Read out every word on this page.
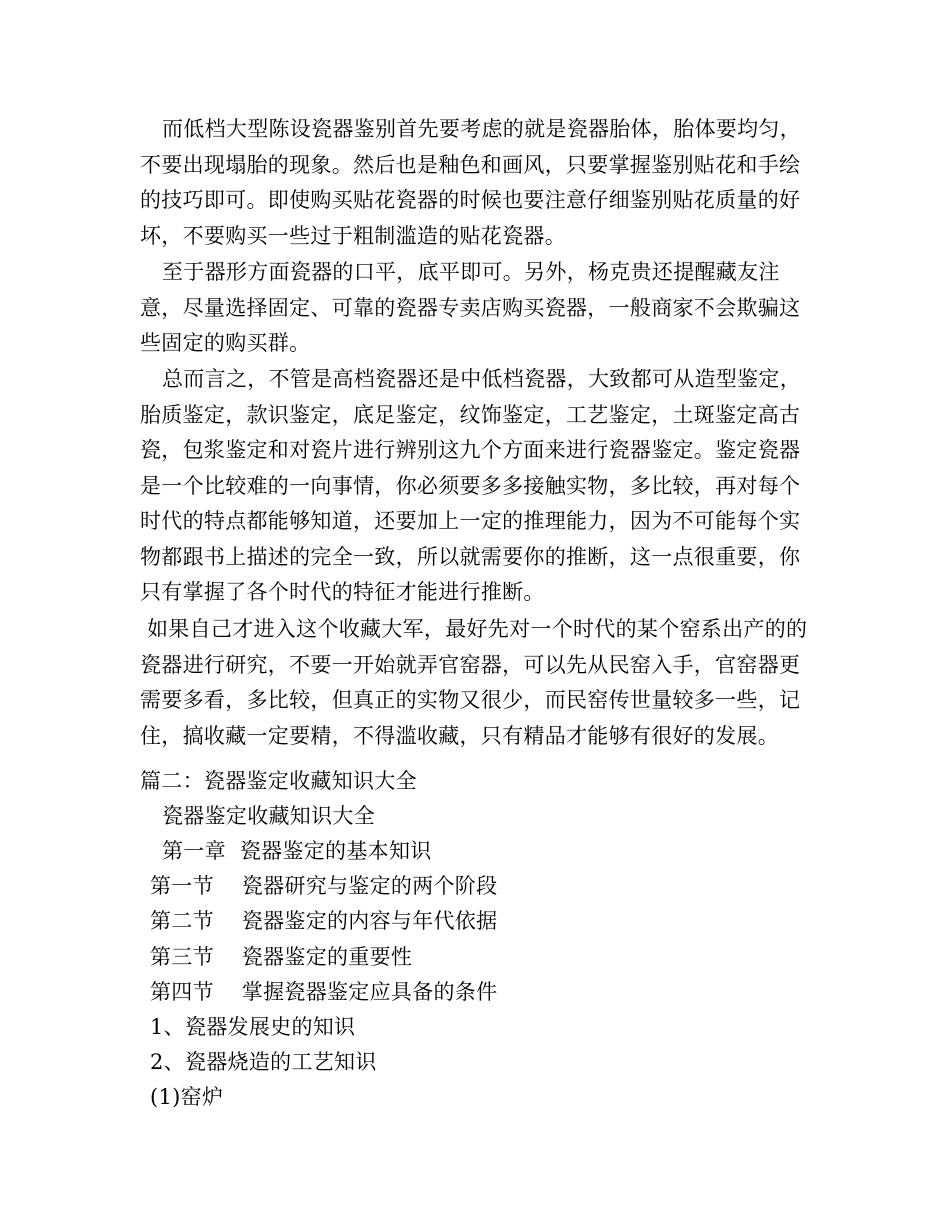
而低档大型陈设瓷器鉴别首先要考虑的就是瓷器胎体，胎体要均匀，不要出现塌胎的现象。然后也是釉色和画风，只要掌握鉴别贴花和手绘的技巧即可。即使购买贴花瓷器的时候也要注意仔细鉴别贴花质量的好坏，不要购买一些过于粗制滥造的贴花瓷器。
至于器形方面瓷器的口平，底平即可。另外，杨克贵还提醒藏友注意，尽量选择固定、可靠的瓷器专卖店购买瓷器，一般商家不会欺骗这些固定的购买群。
总而言之，不管是高档瓷器还是中低档瓷器，大致都可从造型鉴定，胎质鉴定，款识鉴定，底足鉴定，纹饰鉴定，工艺鉴定，土斑鉴定高古瓷，包浆鉴定和对瓷片进行辨别这九个方面来进行瓷器鉴定。鉴定瓷器是一个比较难的一向事情，你必须要多多接触实物，多比较，再对每个时代的特点都能够知道，还要加上一定的推理能力，因为不可能每个实物都跟书上描述的完全一致，所以就需要你的推断，这一点很重要，你只有掌握了各个时代的特征才能进行推断。
如果自己才进入这个收藏大军，最好先对一个时代的某个窑系出产的的瓷器进行研究，不要一开始就弄官窑器，可以先从民窑入手，官窑器更需要多看，多比较，但真正的实物又很少，而民窑传世量较多一些，记住，搞收藏一定要精，不得滥收藏，只有精品才能够有很好的发展。
篇二：瓷器鉴定收藏知识大全
瓷器鉴定收藏知识大全
第一章  瓷器鉴定的基本知识
第一节    瓷器研究与鉴定的两个阶段
第二节    瓷器鉴定的内容与年代依据
第三节    瓷器鉴定的重要性
第四节    掌握瓷器鉴定应具备的条件
1、瓷器发展史的知识
2、瓷器烧造的工艺知识
(1)窑炉
